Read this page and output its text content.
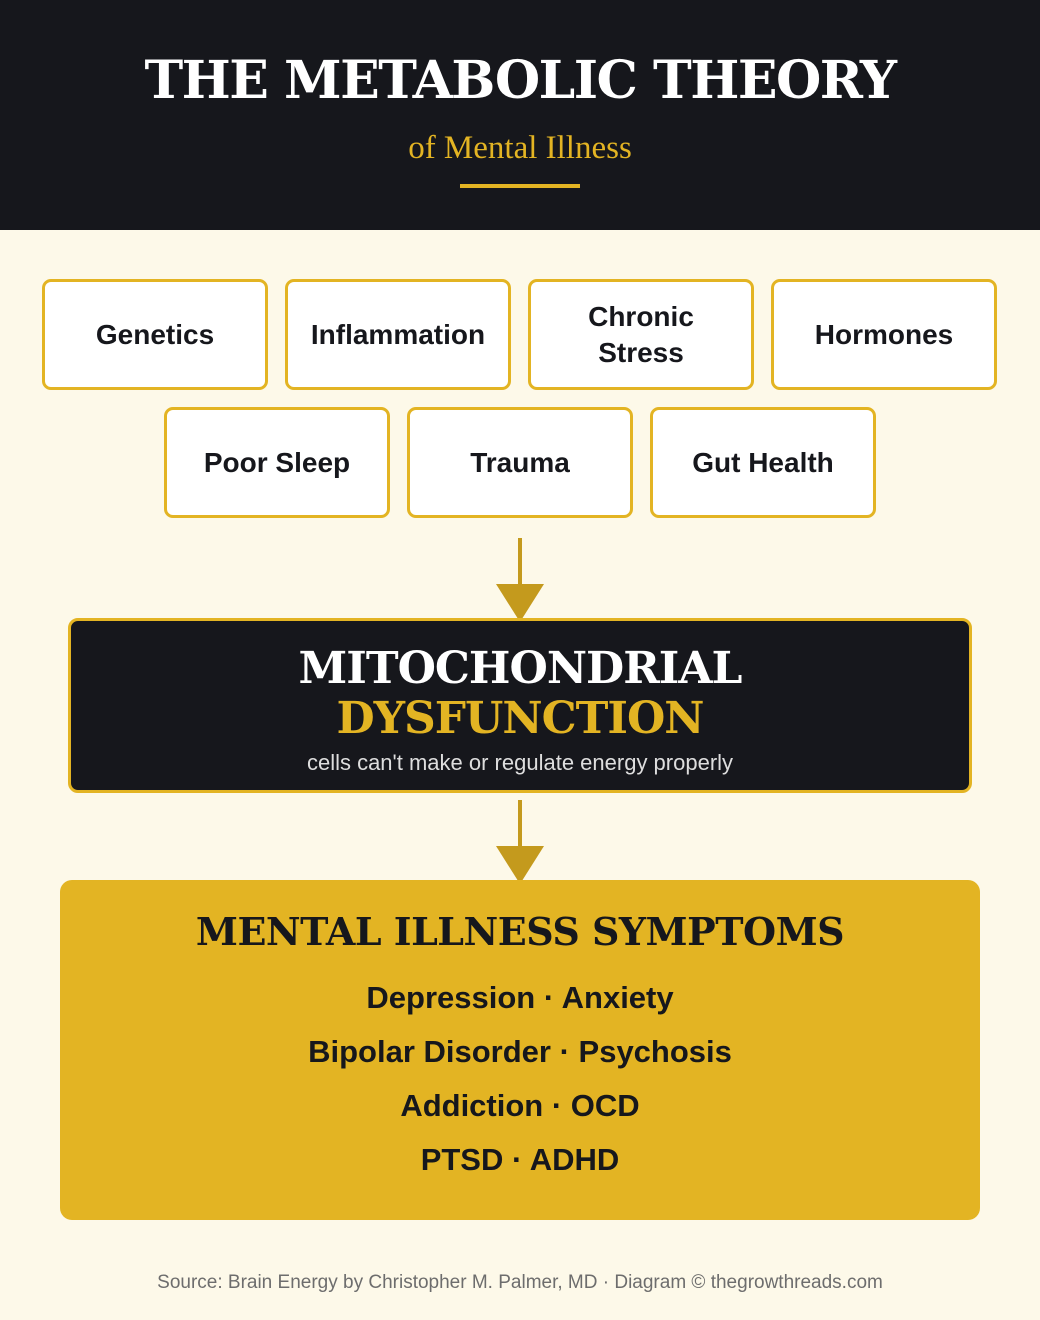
THE METABOLIC THEORY
of Mental Illness
Genetics	Inflammation
Chronic Stress
Hormones
Poor Sleep	Trauma	Gut Health
MITOCHONDRIAL
DYSFUNCTION
cells can't make or regulate energy properly
MENTAL ILLNESS SYMPTOMS
Depression · Anxiety
Bipolar Disorder · Psychosis
Addiction · OCD
PTSD · ADHD
Source: Brain Energy by Christopher M. Palmer, MD · Diagram © thegrowthreads.com
